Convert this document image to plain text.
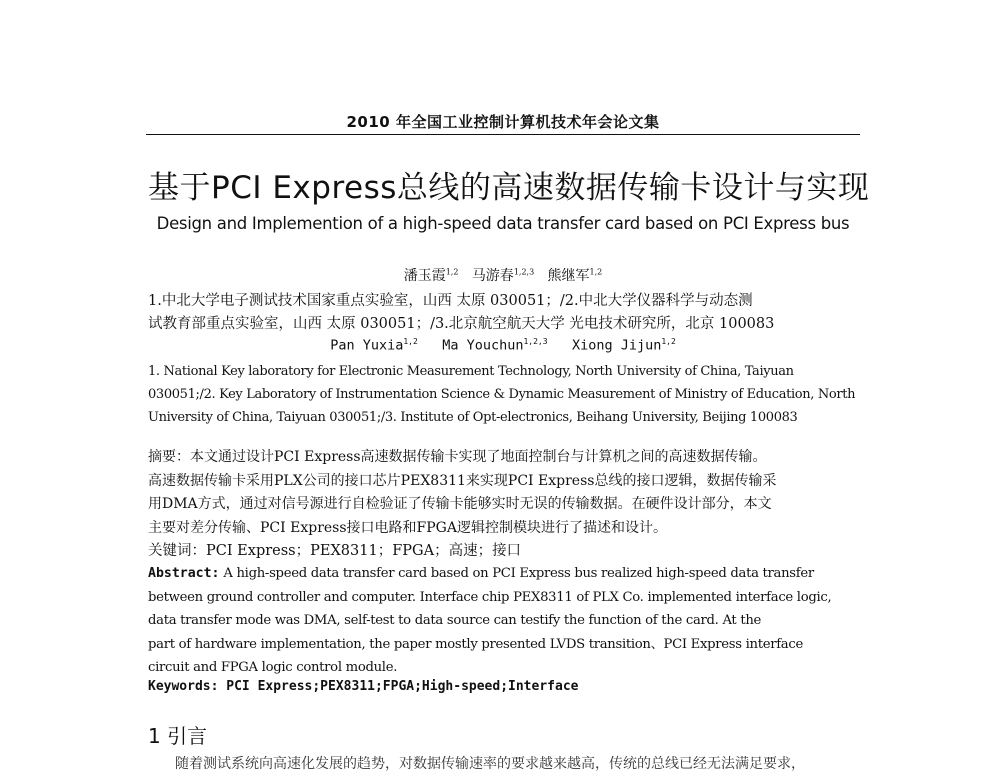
2010 年全国工业控制计算机技术年会论文集
基于PCI Express总线的高速数据传输卡设计与实现
Design and Implemention of a high-speed data transfer card based on PCI Express bus
潘玉霞$^{1,2}$ 马游春$^{1,2,3}$ 熊继军$^{1,2}$
1.中北大学电子测试技术国家重点实验室，山西 太原 030051；/2.中北大学仪器科学与动态测
试教育部重点实验室，山西 太原 030051；/3.北京航空航天大学 光电技术研究所，北京 100083
Pan Yuxia$^{1,2}$ Ma Youchun$^{1,2,3}$ Xiong Jijun$^{1,2}$
1. National Key laboratory for Electronic Measurement Technology, North University of China, Taiyuan
030051;/2. Key Laboratory of Instrumentation Science & Dynamic Measurement of Ministry of Education, North
University of China, Taiyuan 030051;/3. Institute of Opt-electronics, Beihang University, Beijing 100083
摘要：本文通过设计PCI Express高速数据传输卡实现了地面控制台与计算机之间的高速数据传输。
高速数据传输卡采用PLX公司的接口芯片PEX8311来实现PCI Express总线的接口逻辑，数据传输采
用DMA方式，通过对信号源进行自检验证了传输卡能够实时无误的传输数据。在硬件设计部分，本文
主要对差分传输、PCI Express接口电路和FPGA逻辑控制模块进行了描述和设计。
关键词：PCI Express；PEX8311；FPGA；高速；接口
Abstract: A high-speed data transfer card based on PCI Express bus realized high-speed data transfer
between ground controller and computer. Interface chip PEX8311 of PLX Co. implemented interface logic,
data transfer mode was DMA, self-test to data source can testify the function of the card. At the
part of hardware implementation, the paper mostly presented LVDS transition、PCI Express interface
circuit and FPGA logic control module.
Keywords: PCI Express;PEX8311;FPGA;High-speed;Interface
1 引言
随着测试系统向高速化发展的趋势，对数据传输速率的要求越来越高，传统的总线已经无法满足要求，
